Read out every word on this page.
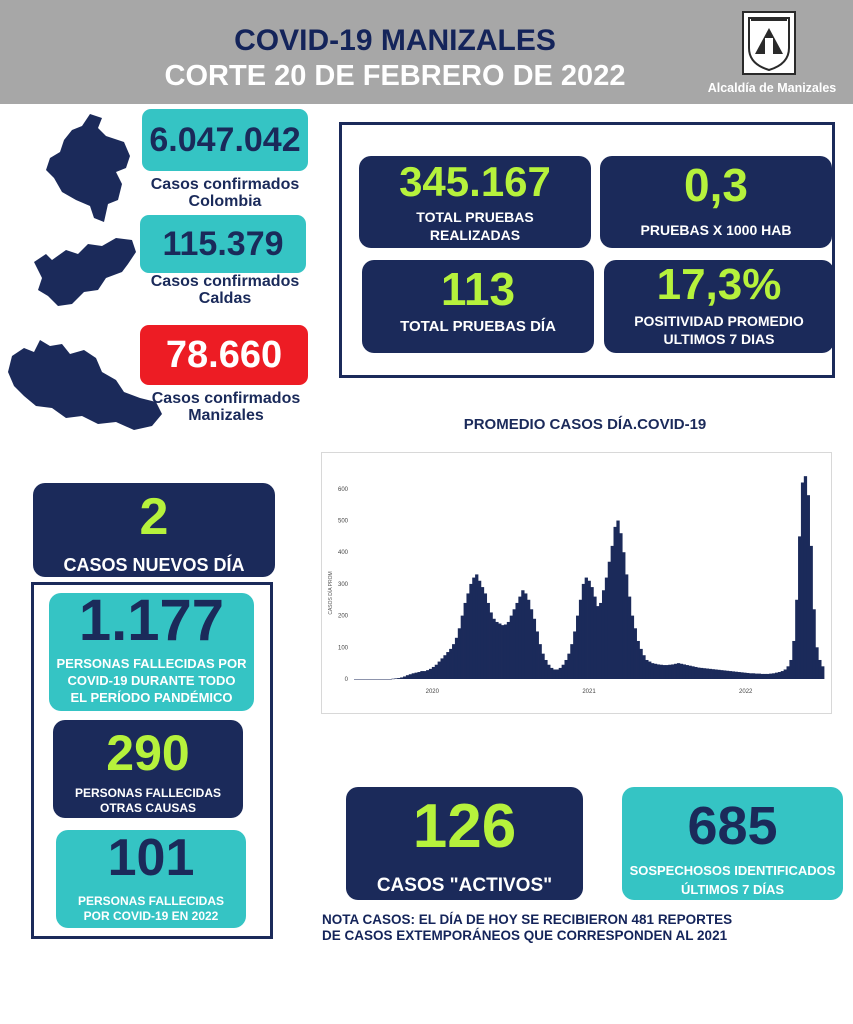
COVID-19 MANIZALES
CORTE 20 DE FEBRERO DE 2022	Alcaldía de Manizales
6.047.042
Casos confirmados
Colombia
115.379
Casos confirmados
Caldas
78.660
Casos confirmados
Manizales
345.167
TOTAL PRUEBAS
REALIZADAS
0,3
PRUEBAS X 1000 HAB
113
TOTAL PRUEBAS DÍA
17,3%
POSITIVIDAD PROMEDIO
ULTIMOS 7 DIAS
PROMEDIO CASOS DÍA.COVID-19
CASOS DÍA PROM
0
100
200
300
400
500
600
2020	2021	2022
2
CASOS NUEVOS DÍA
1.177
PERSONAS FALLECIDAS POR
COVID-19 DURANTE TODO
EL PERÍODO PANDÉMICO
290
PERSONAS FALLECIDAS
OTRAS CAUSAS
101
PERSONAS FALLECIDAS
POR COVID-19 EN 2022
126
CASOS "ACTIVOS"
685
SOSPECHOSOS IDENTIFICADOS
ÚLTIMOS 7 DÍAS
NOTA CASOS: EL DÍA DE HOY SE RECIBIERON 481 REPORTES
DE CASOS EXTEMPORÁNEOS QUE CORRESPONDEN AL 2021
